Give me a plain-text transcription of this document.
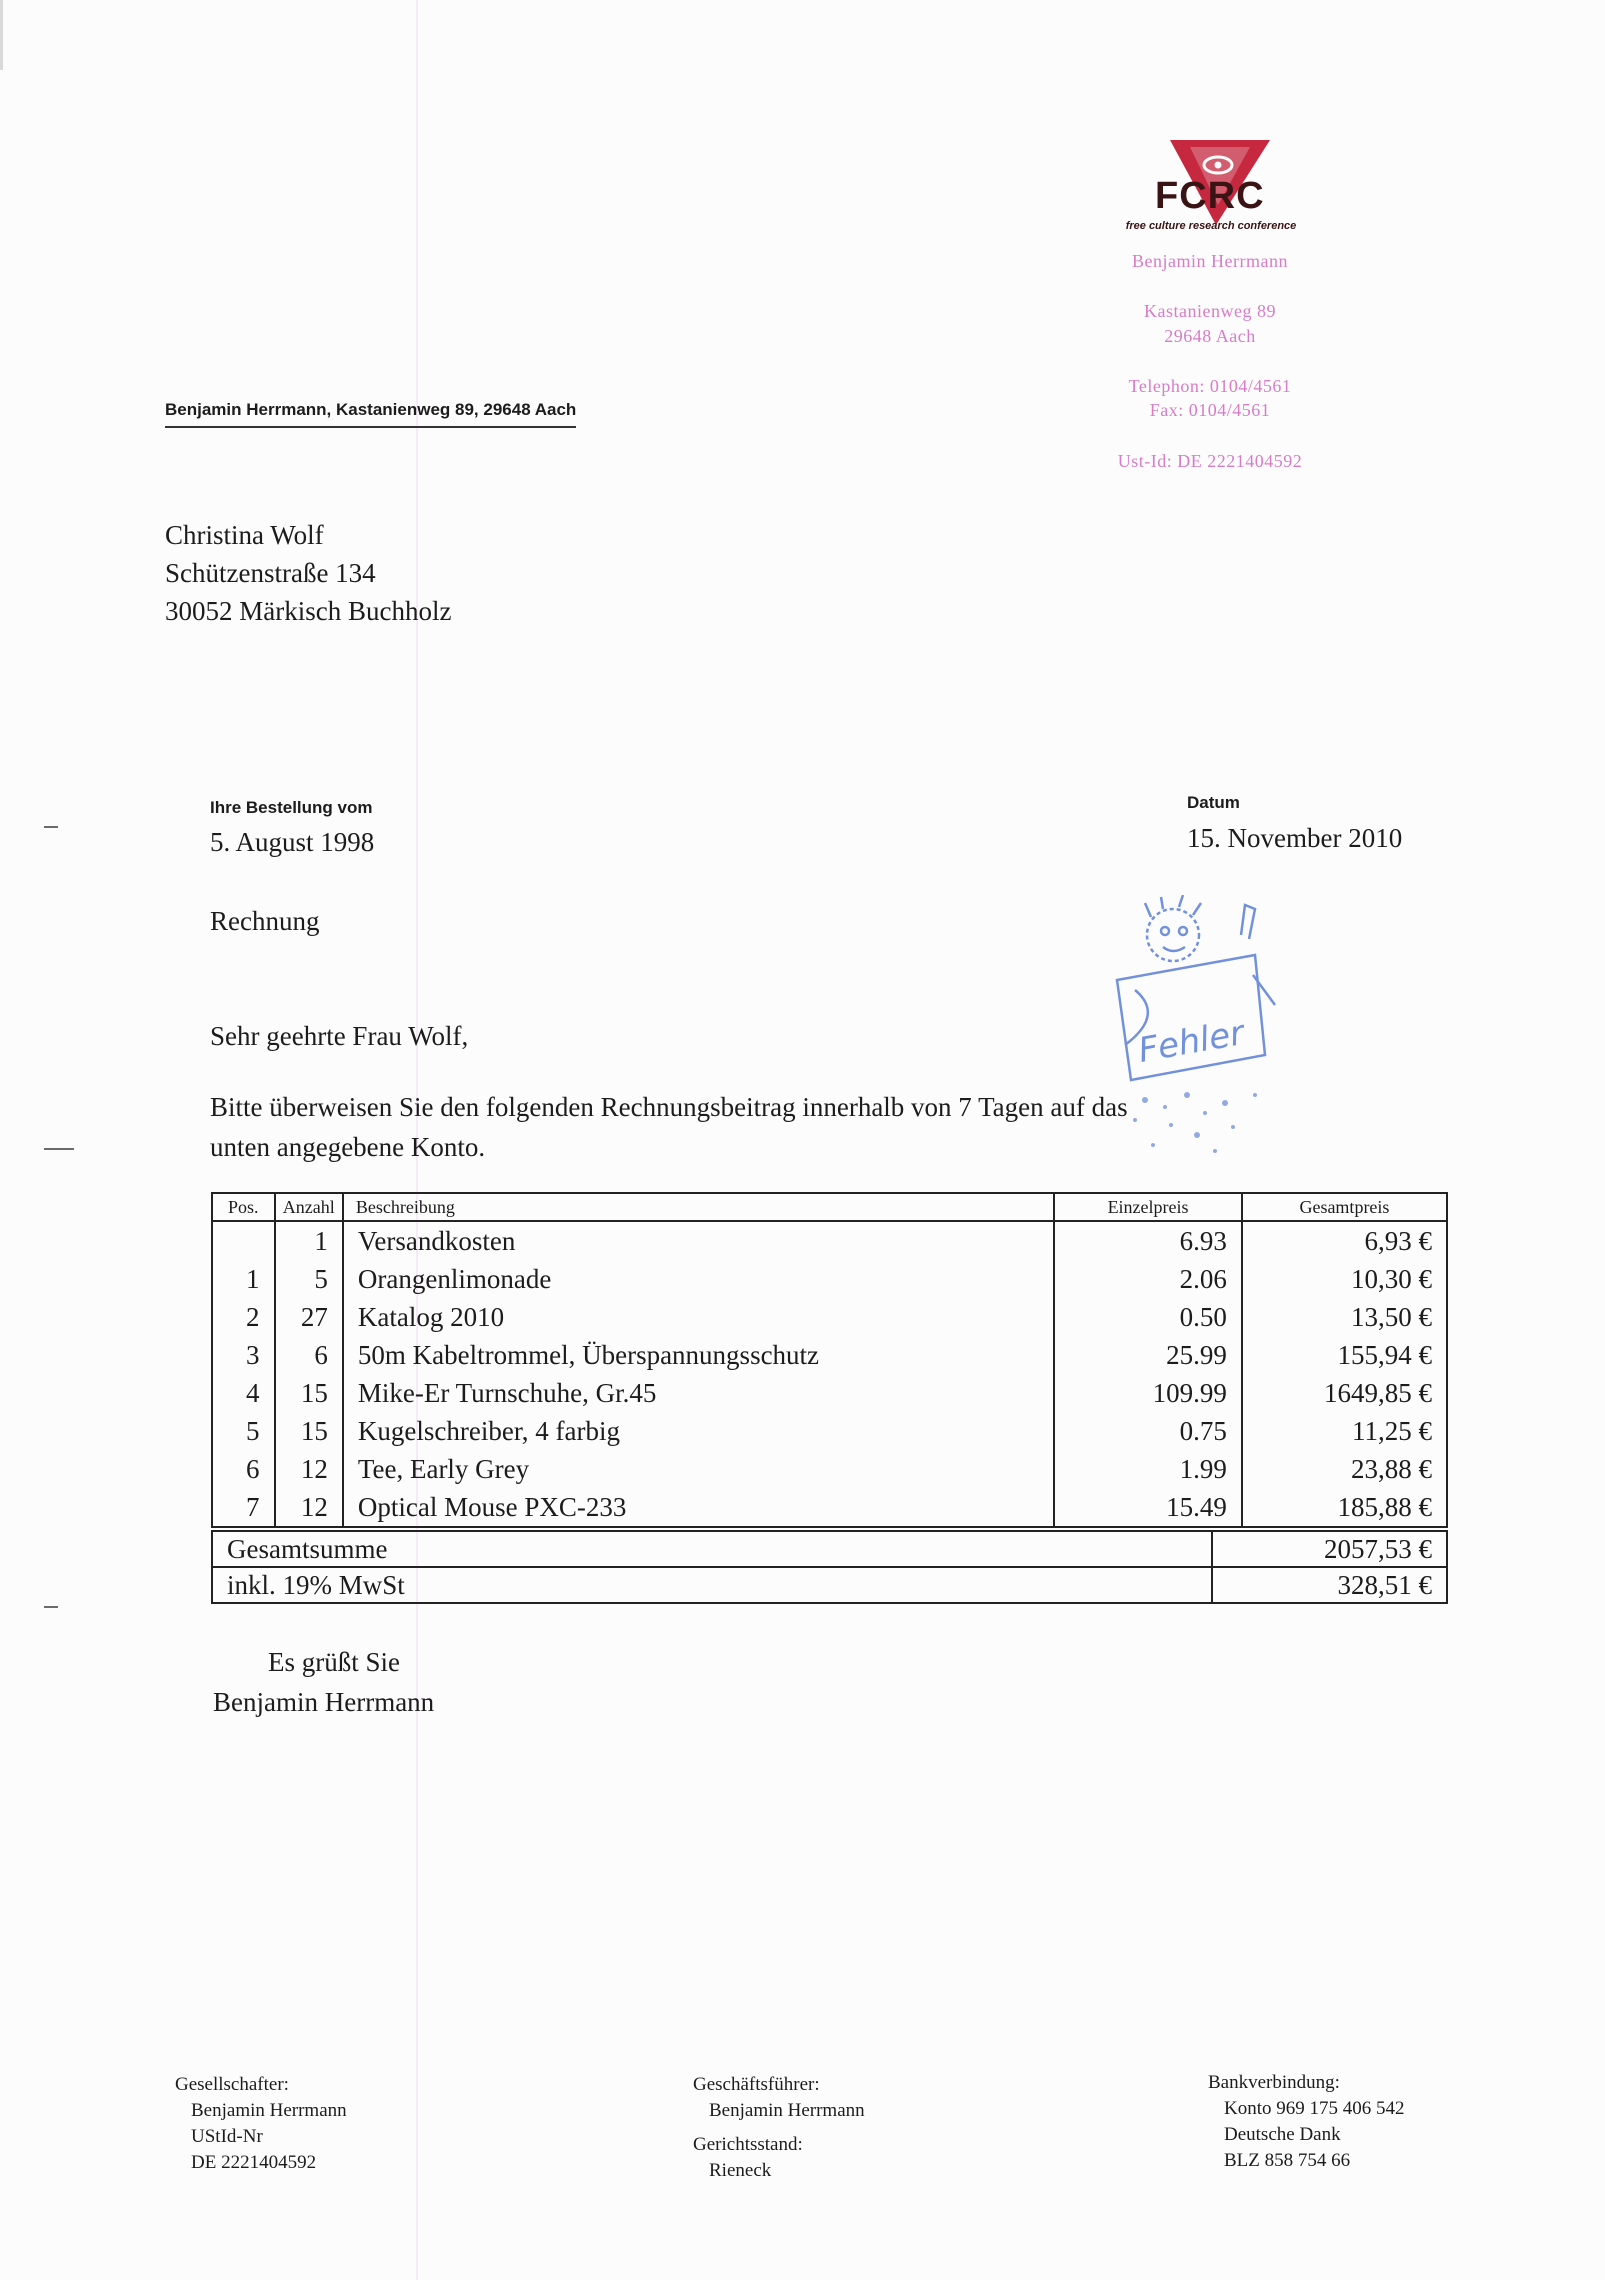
FCRC
free culture research conference
Benjamin Herrmann
Kastanienweg 89
29648 Aach
Telephon: 0104/4561
Fax: 0104/4561
Ust-Id: DE 2221404592
Benjamin Herrmann, Kastanienweg 89, 29648 Aach
Christina Wolf
Schützenstraße 134
30052 Märkisch Buchholz
Ihre Bestellung vom
5. August 1998
Datum
15. November 2010
Rechnung
Sehr geehrte Frau Wolf,
Bitte überweisen Sie den folgenden Rechnungsbeitrag innerhalb von 7 Tagen auf das
unten angegebene Konto.
Fehler
Pos.	Anzahl	Beschreibung	Einzelpreis	Gesamtpreis
	1	Versandkosten	6.93	6,93 €
1	5	Orangenlimonade	2.06	10,30 €
2	27	Katalog 2010	0.50	13,50 €
3	6	50m Kabeltrommel, Überspannungsschutz	25.99	155,94 €
4	15	Mike-Er Turnschuhe, Gr.45	109.99	1649,85 €
5	15	Kugelschreiber, 4 farbig	0.75	11,25 €
6	12	Tee, Early Grey	1.99	23,88 €
7	12	Optical Mouse PXC-233	15.49	185,88 €
Gesamtsumme	2057,53 €
inkl. 19% MwSt	328,51 €
Es grüßt Sie
Benjamin Herrmann
Gesellschafter:
Benjamin Herrmann
UStId-Nr
DE 2221404592
Geschäftsführer:
Benjamin Herrmann
Gerichtsstand:
Rieneck
Bankverbindung:
Konto 969 175 406 542
Deutsche Dank
BLZ 858 754 66
